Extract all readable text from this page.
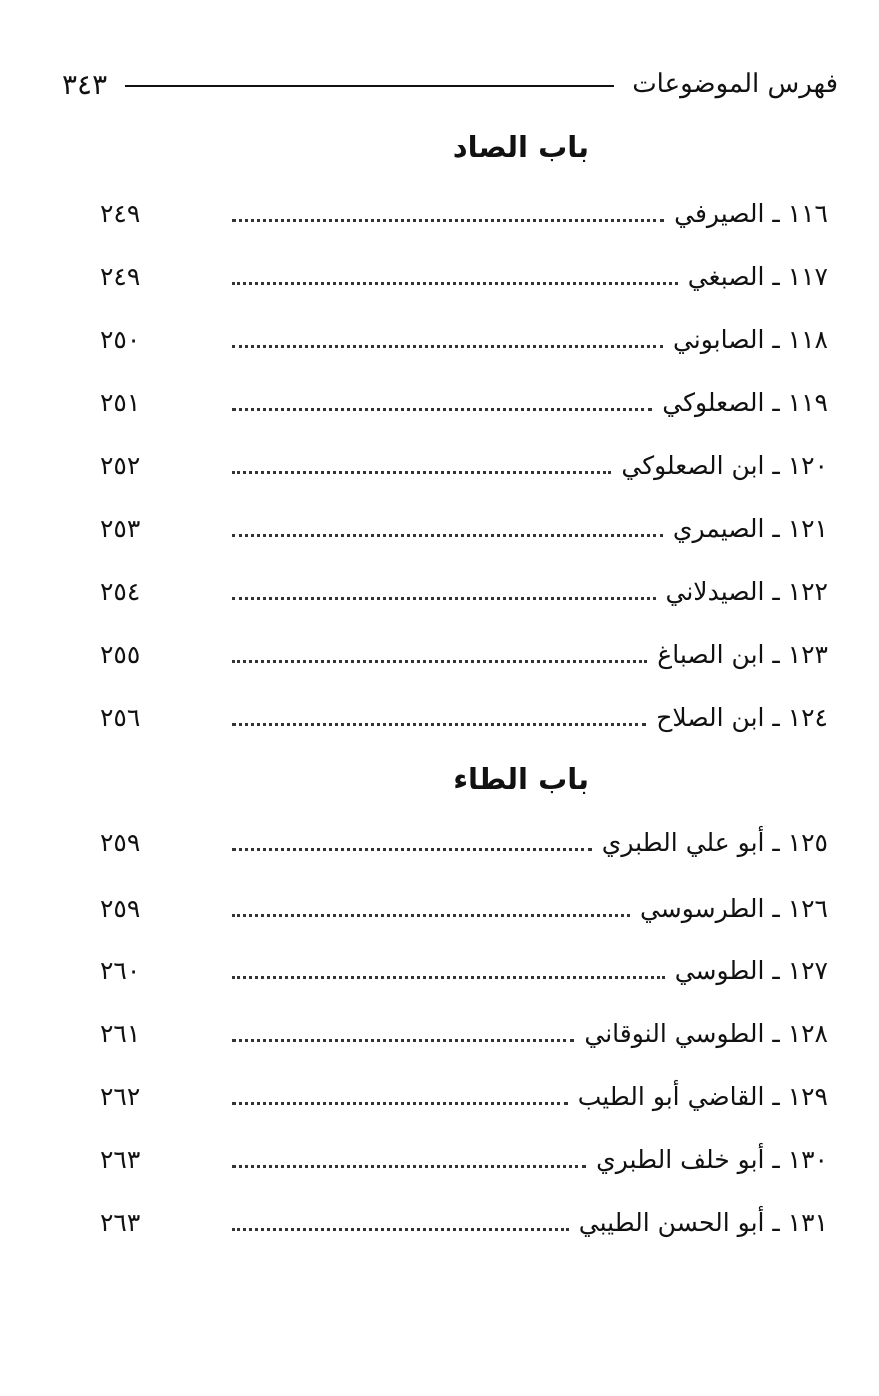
فهرس الموضوعات
٣٤٣
باب الصاد
١١٦ ـ الصيرفي
٢٤٩
١١٧ ـ الصبغي
٢٤٩
١١٨ ـ الصابوني
٢٥٠
١١٩ ـ الصعلوكي
٢٥١
١٢٠ ـ ابن الصعلوكي
٢٥٢
١٢١ ـ الصيمري
٢٥٣
١٢٢ ـ الصيدلاني
٢٥٤
١٢٣ ـ ابن الصباغ
٢٥٥
١٢٤ ـ ابن الصلاح
٢٥٦
باب الطاء
١٢٥ ـ أبو علي الطبري
٢٥٩
١٢٦ ـ الطرسوسي
٢٥٩
١٢٧ ـ الطوسي
٢٦٠
١٢٨ ـ الطوسي النوقاني
٢٦١
١٢٩ ـ القاضي أبو الطيب
٢٦٢
١٣٠ ـ أبو خلف الطبري
٢٦٣
١٣١ ـ أبو الحسن الطيبي
٢٦٣
